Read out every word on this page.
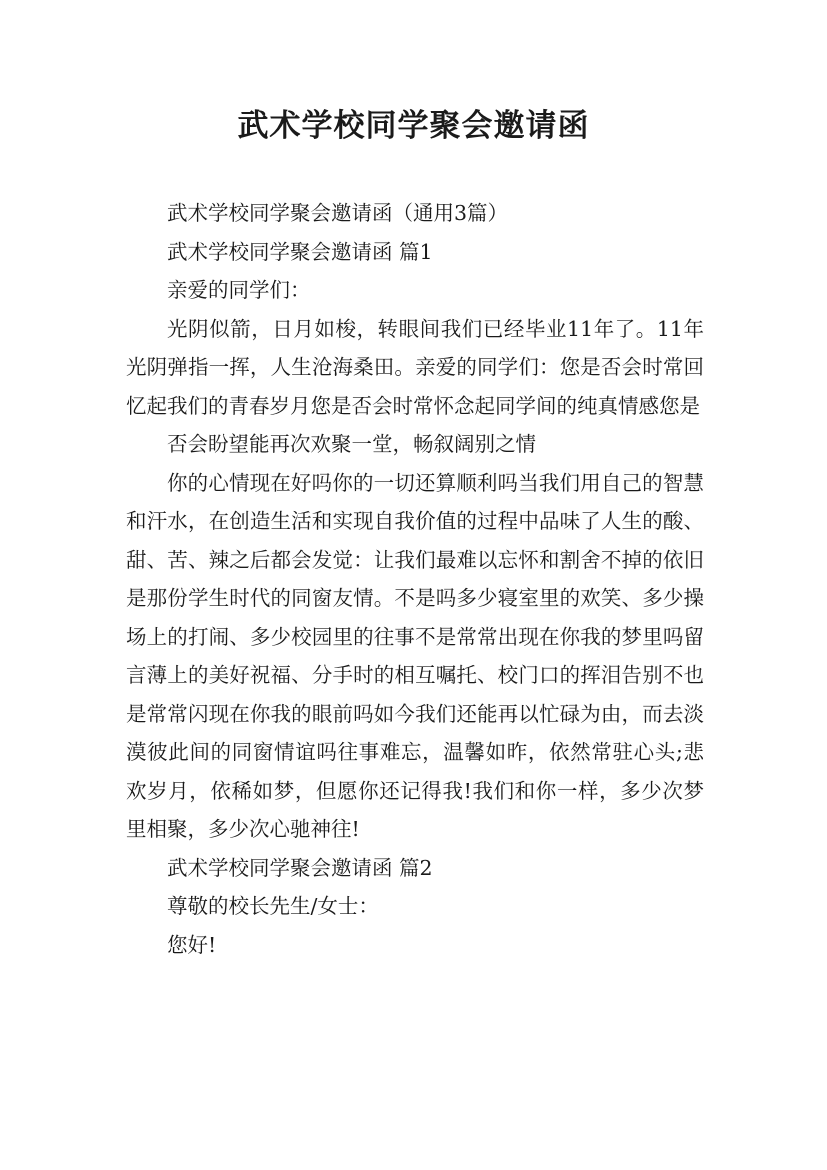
武术学校同学聚会邀请函

武术学校同学聚会邀请函（通用3篇）

武术学校同学聚会邀请函 篇1

亲爱的同学们：

光阴似箭，日月如梭，转眼间我们已经毕业11年了。11年光阴弹指一挥，人生沧海桑田。亲爱的同学们：您是否会时常回忆起我们的青春岁月您是否会时常怀念起同学间的纯真情感您是

否会盼望能再次欢聚一堂，畅叙阔别之情

你的心情现在好吗你的一切还算顺利吗当我们用自己的智慧和汗水，在创造生活和实现自我价值的过程中品味了人生的酸、甜、苦、辣之后都会发觉：让我们最难以忘怀和割舍不掉的依旧是那份学生时代的同窗友情。不是吗多少寝室里的欢笑、多少操场上的打闹、多少校园里的往事不是常常出现在你我的梦里吗留言薄上的美好祝福、分手时的相互嘱托、校门口的挥泪告别不也是常常闪现在你我的眼前吗如今我们还能再以忙碌为由，而去淡漠彼此间的同窗情谊吗往事难忘，温馨如昨，依然常驻心头;悲欢岁月，依稀如梦，但愿你还记得我!我们和你一样，多少次梦里相聚，多少次心驰神往!

武术学校同学聚会邀请函 篇2

尊敬的校长先生/女士：

您好!
